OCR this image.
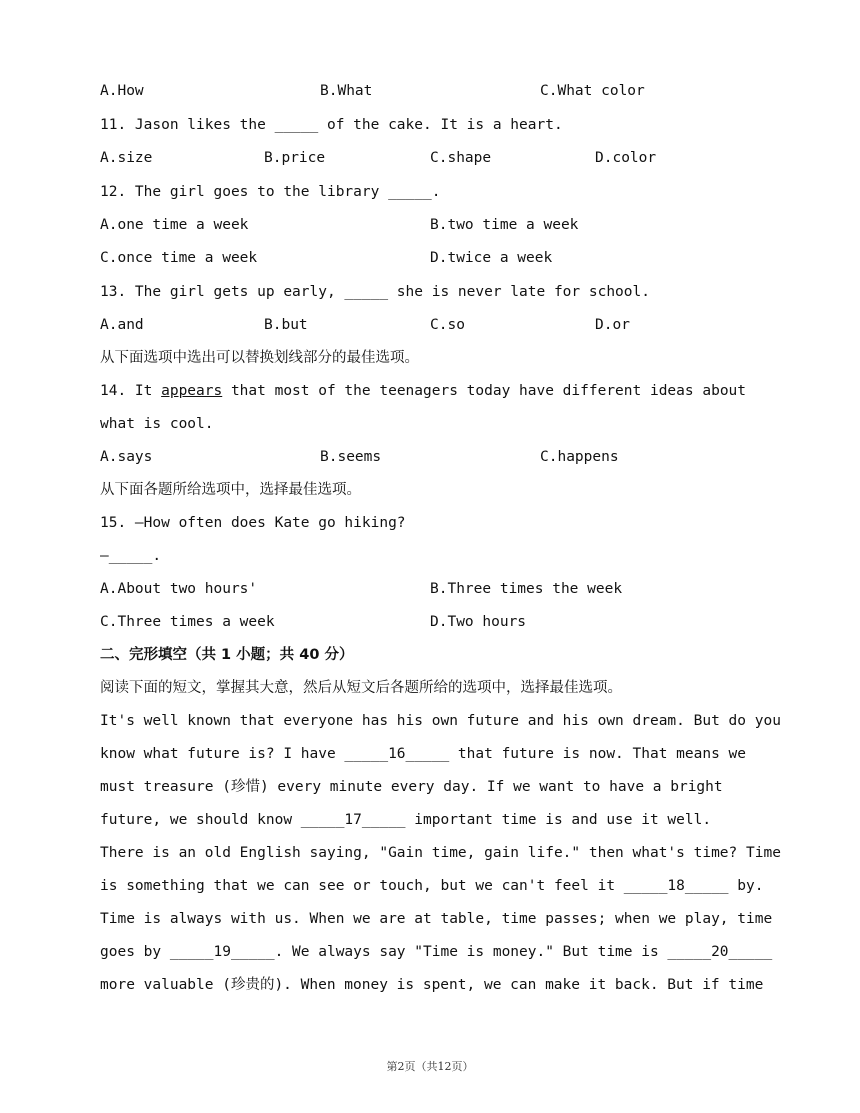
A.How	B.What	C.What color
11. Jason likes the _____ of the cake. It is a heart.
A.size	B.price	C.shape	D.color
12. The girl goes to the library _____.
A.one time a week	B.two time a week
C.once time a week	D.twice a week
13. The girl gets up early, _____ she is never late for school.
A.and	B.but	C.so	D.or
从下面选项中选出可以替换划线部分的最佳选项。
14. It appears that most of the teenagers today have different ideas about
what is cool.
A.says	B.seems	C.happens
从下面各题所给选项中，选择最佳选项。
15. —How often does Kate go hiking?
—_____.
A.About two hours'	B.Three times the week
C.Three times a week	D.Two hours
二、完形填空（共 1 小题；共 40 分）
阅读下面的短文，掌握其大意，然后从短文后各题所给的选项中，选择最佳选项。
It's well known that everyone has his own future and his own dream. But do you
know what future is? I have _____16_____ that future is now. That means we
must treasure (珍惜) every minute every day. If we want to have a bright
future, we should know _____17_____ important time is and use it well.
There is an old English saying, "Gain time, gain life." then what's time? Time
is something that we can see or touch, but we can't feel it _____18_____ by.
Time is always with us. When we are at table, time passes; when we play, time
goes by _____19_____. We always say "Time is money." But time is _____20_____
more valuable (珍贵的). When money is spent, we can make it back. But if time
第2页（共12页）
